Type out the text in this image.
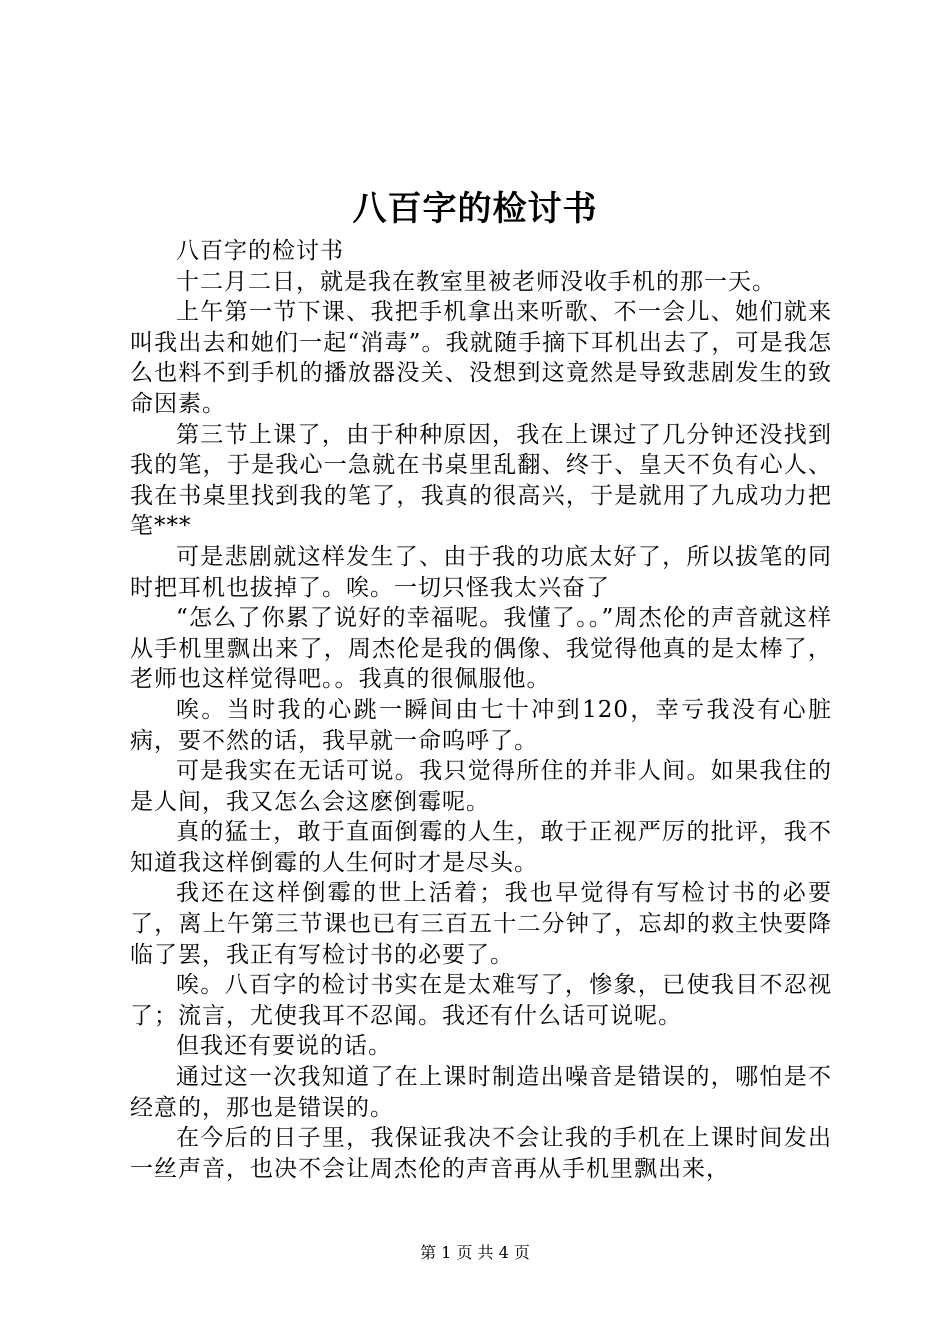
八百字的检讨书

八百字的检讨书

十二月二日，就是我在教室里被老师没收手机的那一天。

上午第一节下课、我把手机拿出来听歌、不一会儿、她们就来叫我出去和她们一起“消毒”。我就随手摘下耳机出去了，可是我怎么也料不到手机的播放器没关、没想到这竟然是导致悲剧发生的致命因素。

第三节上课了，由于种种原因，我在上课过了几分钟还没找到我的笔，于是我心一急就在书桌里乱翻、终于、皇天不负有心人、我在书桌里找到我的笔了，我真的很高兴，于是就用了九成功力把笔***

可是悲剧就这样发生了、由于我的功底太好了，所以拔笔的同时把耳机也拔掉了。唉。一切只怪我太兴奋了

“怎么了你累了说好的幸福呢。我懂了。。”周杰伦的声音就这样从手机里飘出来了，周杰伦是我的偶像、我觉得他真的是太棒了，老师也这样觉得吧。。我真的很佩服他。

唉。当时我的心跳一瞬间由七十冲到120，幸亏我没有心脏病，要不然的话，我早就一命呜呼了。

可是我实在无话可说。我只觉得所住的并非人间。如果我住的是人间，我又怎么会这麽倒霉呢。

真的猛士，敢于直面倒霉的人生，敢于正视严厉的批评，我不知道我这样倒霉的人生何时才是尽头。

我还在这样倒霉的世上活着；我也早觉得有写检讨书的必要了，离上午第三节课也已有三百五十二分钟了，忘却的救主快要降临了罢，我正有写检讨书的必要了。

唉。八百字的检讨书实在是太难写了，惨象，已使我目不忍视了；流言，尤使我耳不忍闻。我还有什么话可说呢。

但我还有要说的话。

通过这一次我知道了在上课时制造出噪音是错误的，哪怕是不经意的，那也是错误的。

在今后的日子里，我保证我决不会让我的手机在上课时间发出一丝声音，也决不会让周杰伦的声音再从手机里飘出来，

第 1 页 共 4 页
